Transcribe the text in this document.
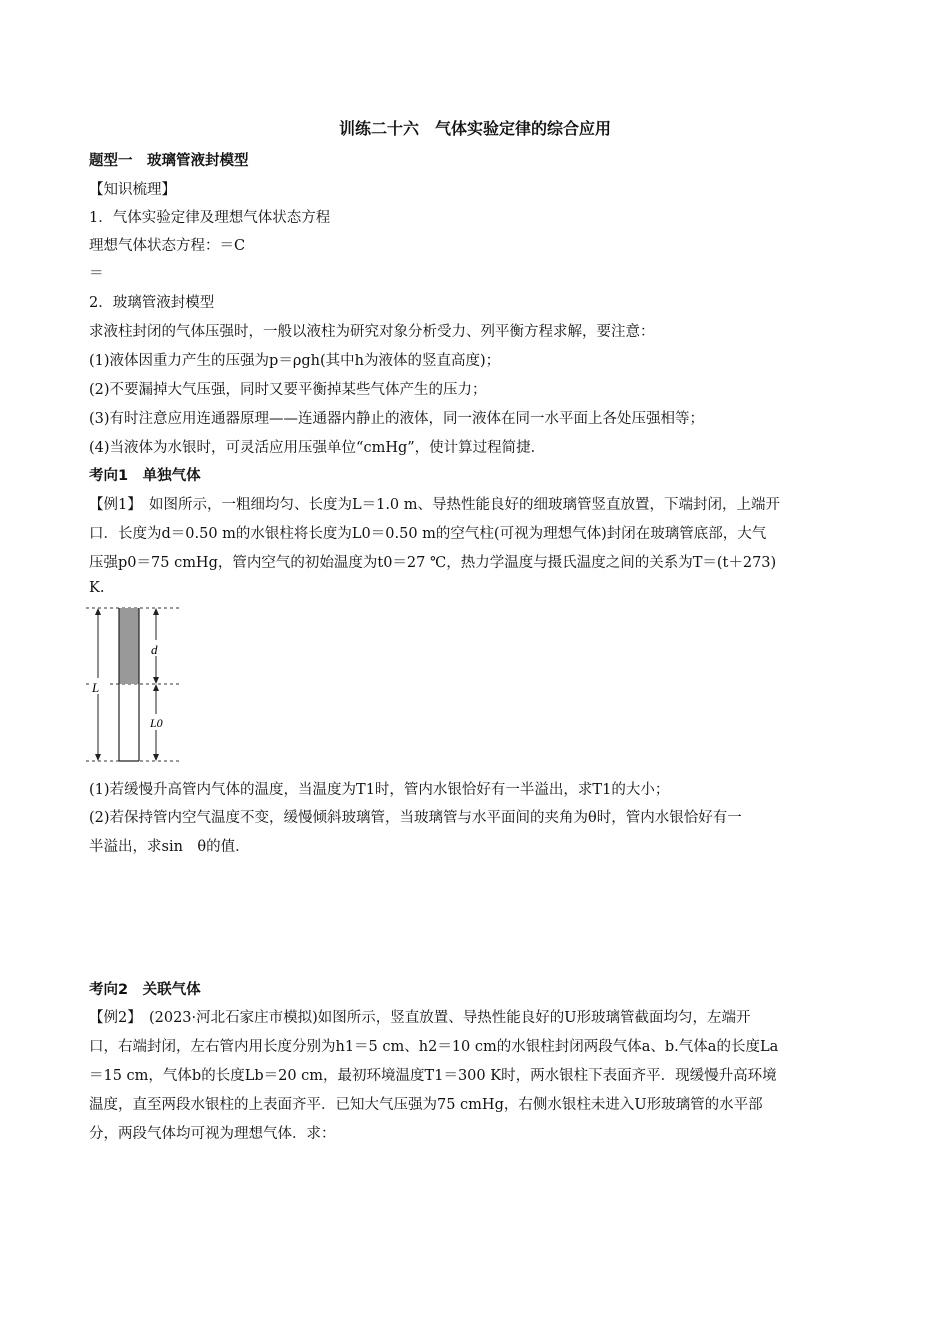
训练二十六　气体实验定律的综合应用
题型一　玻璃管液封模型
【知识梳理】
1．气体实验定律及理想气体状态方程
理想气体状态方程：＝C
＝
2．玻璃管液封模型
求液柱封闭的气体压强时，一般以液柱为研究对象分析受力、列平衡方程求解，要注意：
(1)液体因重力产生的压强为p＝ρgh(其中h为液体的竖直高度)；
(2)不要漏掉大气压强，同时又要平衡掉某些气体产生的压力；
(3)有时注意应用连通器原理——连通器内静止的液体，同一液体在同一水平面上各处压强相等；
(4)当液体为水银时，可灵活应用压强单位“cmHg”，使计算过程简捷．
考向1　单独气体
【例1】　如图所示，一粗细均匀、长度为L＝1.0 m、导热性能良好的细玻璃管竖直放置，下端封闭，上端开
口．长度为d＝0.50 m的水银柱将长度为L0＝0.50 m的空气柱(可视为理想气体)封闭在玻璃管底部，大气
压强p0＝75 cmHg，管内空气的初始温度为t0＝27 ℃，热力学温度与摄氏温度之间的关系为T＝(t＋273)
K.
L
d
L0
(1)若缓慢升高管内气体的温度，当温度为T1时，管内水银恰好有一半溢出，求T1的大小；
(2)若保持管内空气温度不变，缓慢倾斜玻璃管，当玻璃管与水平面间的夹角为θ时，管内水银恰好有一
半溢出，求sin　θ的值．
考向2　关联气体
【例2】　(2023·河北石家庄市模拟)如图所示，竖直放置、导热性能良好的U形玻璃管截面均匀，左端开
口，右端封闭，左右管内用长度分别为h1＝5 cm、h2＝10 cm的水银柱封闭两段气体a、b.气体a的长度La
＝15 cm，气体b的长度Lb＝20 cm，最初环境温度T1＝300 K时，两水银柱下表面齐平．现缓慢升高环境
温度，直至两段水银柱的上表面齐平．已知大气压强为75 cmHg，右侧水银柱未进入U形玻璃管的水平部
分，两段气体均可视为理想气体．求：
